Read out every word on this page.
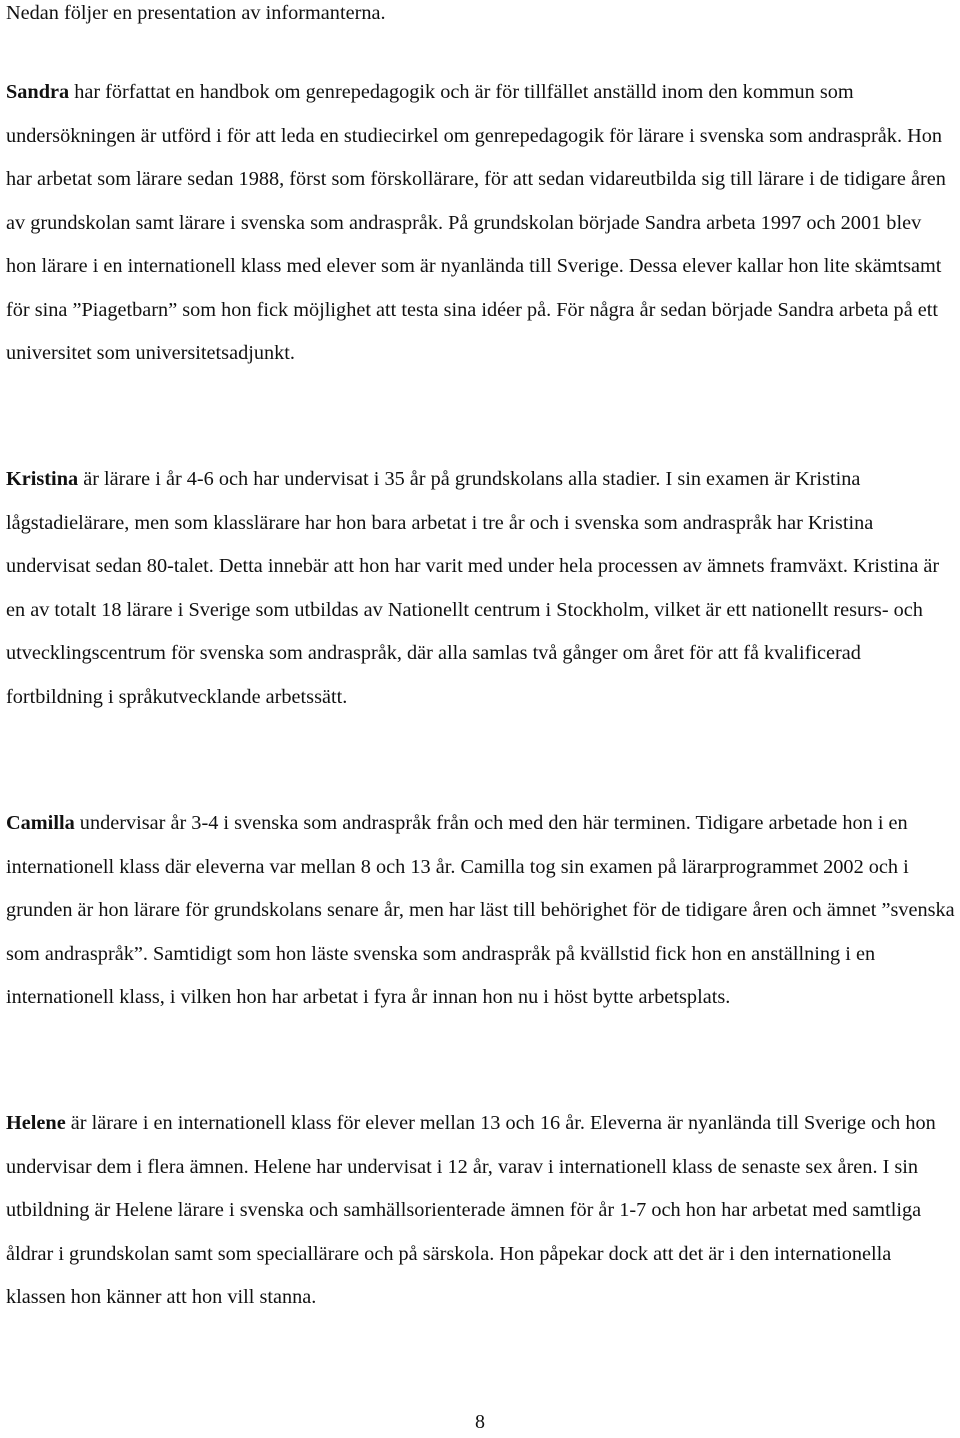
Nedan följer en presentation av informanterna.

Sandra har författat en handbok om genrepedagogik och är för tillfället anställd inom den kommun som undersökningen är utförd i för att leda en studiecirkel om genrepedagogik för lärare i svenska som andraspråk. Hon har arbetat som lärare sedan 1988, först som förskollärare, för att sedan vidareutbilda sig till lärare i de tidigare åren av grundskolan samt lärare i svenska som andraspråk. På grundskolan började Sandra arbeta 1997 och 2001 blev hon lärare i en internationell klass med elever som är nyanlända till Sverige. Dessa elever kallar hon lite skämtsamt för sina ”Piagetbarn” som hon fick möjlighet att testa sina idéer på. För några år sedan började Sandra arbeta på ett universitet som universitetsadjunkt.

Kristina är lärare i år 4-6 och har undervisat i 35 år på grundskolans alla stadier. I sin examen är Kristina lågstadielärare, men som klasslärare har hon bara arbetat i tre år och i svenska som andraspråk har Kristina undervisat sedan 80-talet. Detta innebär att hon har varit med under hela processen av ämnets framväxt. Kristina är en av totalt 18 lärare i Sverige som utbildas av Nationellt centrum i Stockholm, vilket är ett nationellt resurs- och utvecklingscentrum för svenska som andraspråk, där alla samlas två gånger om året för att få kvalificerad fortbildning i språkutvecklande arbetssätt.

Camilla undervisar år 3-4 i svenska som andraspråk från och med den här terminen. Tidigare arbetade hon i en internationell klass där eleverna var mellan 8 och 13 år. Camilla tog sin examen på lärarprogrammet 2002 och i grunden är hon lärare för grundskolans senare år, men har läst till behörighet för de tidigare åren och ämnet ”svenska som andraspråk”. Samtidigt som hon läste svenska som andraspråk på kvällstid fick hon en anställning i en internationell klass, i vilken hon har arbetat i fyra år innan hon nu i höst bytte arbetsplats.

Helene är lärare i en internationell klass för elever mellan 13 och 16 år. Eleverna är nyanlända till Sverige och hon undervisar dem i flera ämnen. Helene har undervisat i 12 år, varav i internationell klass de senaste sex åren. I sin utbildning är Helene lärare i svenska och samhällsorienterade ämnen för år 1-7 och hon har arbetat med samtliga åldrar i grundskolan samt som speciallärare och på särskola. Hon påpekar dock att det är i den internationella klassen hon känner att hon vill stanna.

8
